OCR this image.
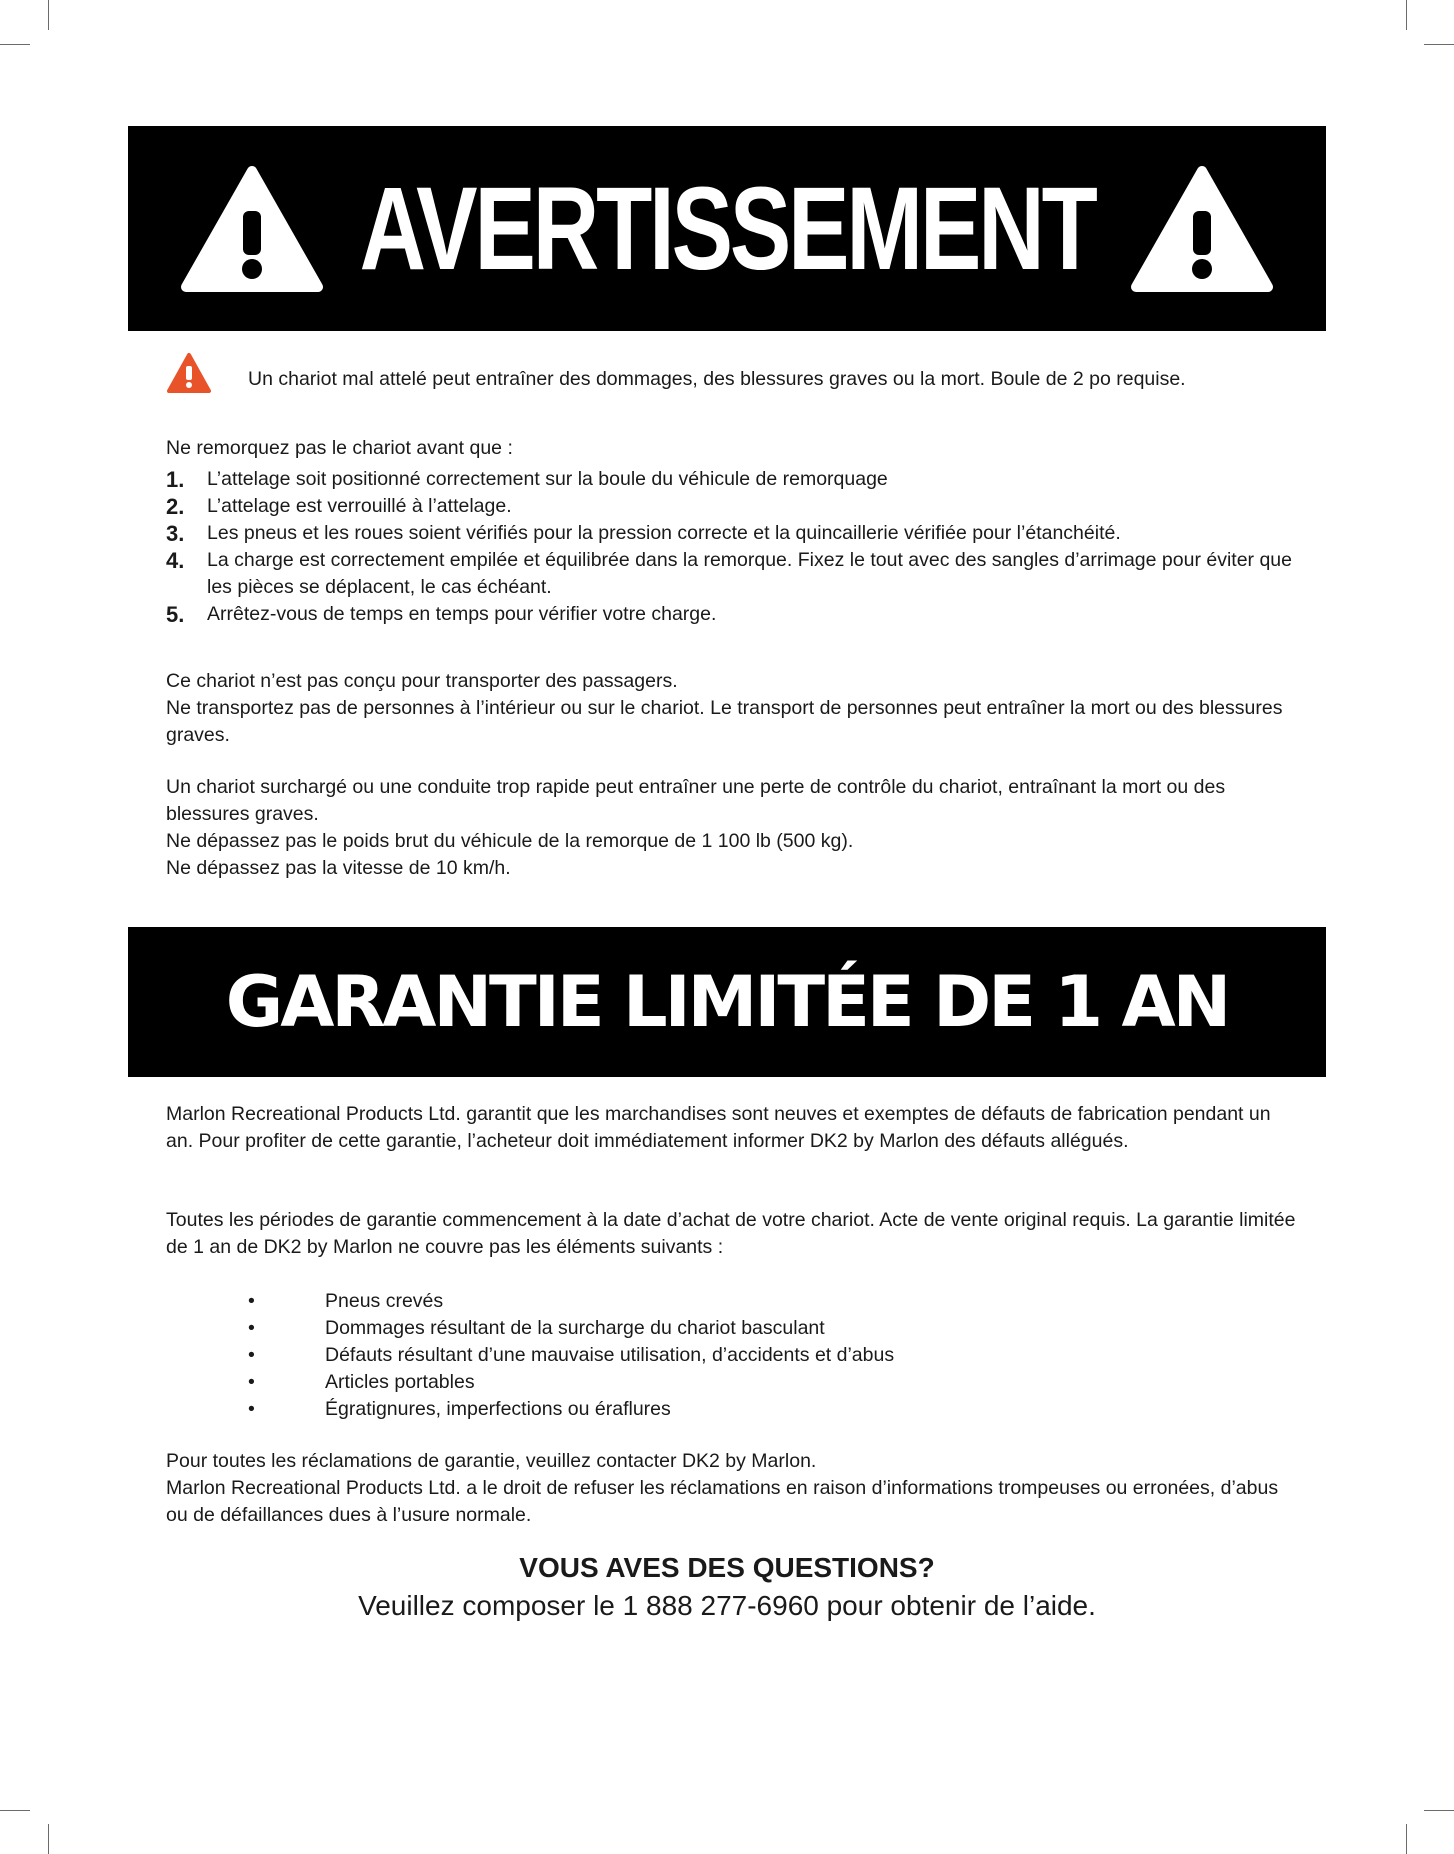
AVERTISSEMENT
Un chariot mal attelé peut entraîner des dommages, des blessures graves ou la mort. Boule de 2 po requise.

Ne remorquez pas le chariot avant que :

1. L’attelage soit positionné correctement sur la boule du véhicule de remorquage
2. L’attelage est verrouillé à l’attelage.
3. Les pneus et les roues soient vérifiés pour la pression correcte et la quincaillerie vérifiée pour l’étanchéité.
4. La charge est correctement empilée et équilibrée dans la remorque. Fixez le tout avec des sangles d’arrimage pour éviter que les pièces se déplacent, le cas échéant.
5. Arrêtez-vous de temps en temps pour vérifier votre charge.

Ce chariot n’est pas conçu pour transporter des passagers.

Ne transportez pas de personnes à l’intérieur ou sur le chariot. Le transport de personnes peut entraîner la mort ou des blessures graves.

Un chariot surchargé ou une conduite trop rapide peut entraîner une perte de contrôle du chariot, entraînant la mort ou des blessures graves.

Ne dépassez pas le poids brut du véhicule de la remorque de 1 100 lb (500 kg).

Ne dépassez pas la vitesse de 10 km/h.

GARANTIE LIMITÉE DE 1 AN

Marlon Recreational Products Ltd. garantit que les marchandises sont neuves et exemptes de défauts de fabrication pendant un an. Pour profiter de cette garantie, l’acheteur doit immédiatement informer DK2 by Marlon des défauts allégués.

Toutes les périodes de garantie commencement à la date d’achat de votre chariot. Acte de vente original requis. La garantie limitée de 1 an de DK2 by Marlon ne couvre pas les éléments suivants :

•	Pneus crevés
•	Dommages résultant de la surcharge du chariot basculant
•	Défauts résultant d’une mauvaise utilisation, d’accidents et d’abus
•	Articles portables
•	Égratignures, imperfections ou éraflures

Pour toutes les réclamations de garantie, veuillez contacter DK2 by Marlon.

Marlon Recreational Products Ltd. a le droit de refuser les réclamations en raison d’informations trompeuses ou erronées, d’abus ou de défaillances dues à l’usure normale.

VOUS AVES DES QUESTIONS?
Veuillez composer le 1 888 277-6960 pour obtenir de l’aide.
